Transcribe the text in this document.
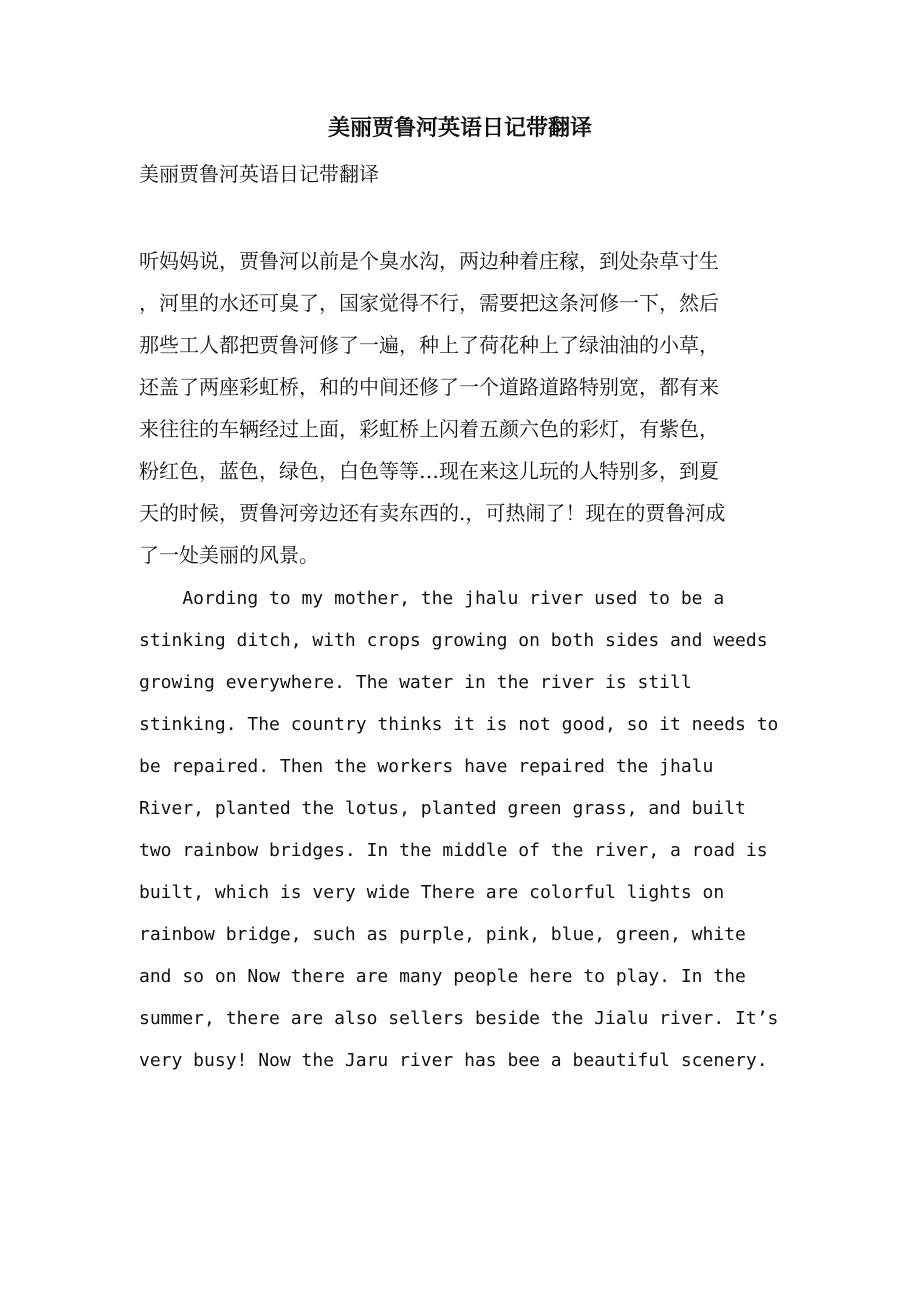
美丽贾鲁河英语日记带翻译

美丽贾鲁河英语日记带翻译

听妈妈说，贾鲁河以前是个臭水沟，两边种着庄稼，到处杂草寸生
，河里的水还可臭了，国家觉得不行，需要把这条河修一下，然后
那些工人都把贾鲁河修了一遍，种上了荷花种上了绿油油的小草，
还盖了两座彩虹桥，和的中间还修了一个道路道路特别宽，都有来
来往往的车辆经过上面，彩虹桥上闪着五颜六色的彩灯，有紫色，
粉红色，蓝色，绿色，白色等等…现在来这儿玩的人特别多，到夏
天的时候，贾鲁河旁边还有卖东西的.，可热闹了！现在的贾鲁河成
了一处美丽的风景。
Aording to my mother, the jhalu river used to be a
stinking ditch, with crops growing on both sides and weeds
growing everywhere. The water in the river is still
stinking. The country thinks it is not good, so it needs to
be repaired. Then the workers have repaired the jhalu
River, planted the lotus, planted green grass, and built
two rainbow bridges. In the middle of the river, a road is
built, which is very wide There are colorful lights on
rainbow bridge, such as purple, pink, blue, green, white
and so on Now there are many people here to play. In the
summer, there are also sellers beside the Jialu river. It’s
very busy! Now the Jaru river has bee a beautiful scenery.
